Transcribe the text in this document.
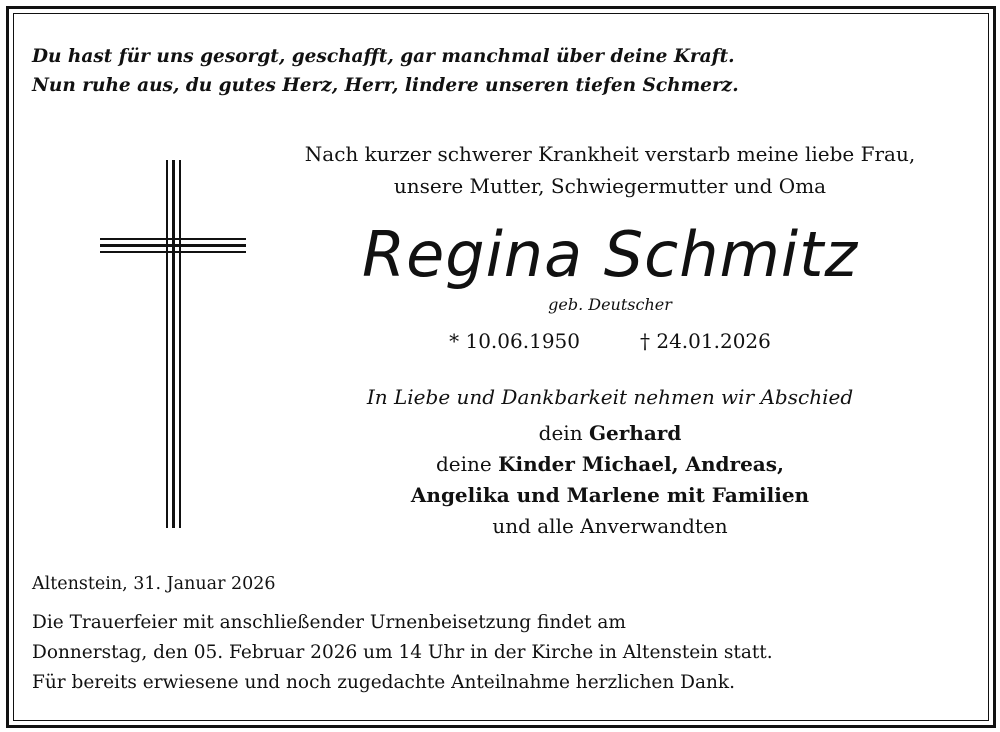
Du hast für uns gesorgt, geschafft, gar manchmal über deine Kraft.
Nun ruhe aus, du gutes Herz, Herr, lindere unseren tiefen Schmerz.
Nach kurzer schwerer Krankheit verstarb meine liebe Frau,
unsere Mutter, Schwiegermutter und Oma
Regina Schmitz
geb. Deutscher
* 10.06.1950	† 24.01.2026
In Liebe und Dankbarkeit nehmen wir Abschied
dein Gerhard
deine Kinder Michael, Andreas,
Angelika und Marlene mit Familien
und alle Anverwandten
Altenstein, 31. Januar 2026
Die Trauerfeier mit anschließender Urnenbeisetzung findet am
Donnerstag, den 05. Februar 2026 um 14 Uhr in der Kirche in Altenstein statt.
Für bereits erwiesene und noch zugedachte Anteilnahme herzlichen Dank.
